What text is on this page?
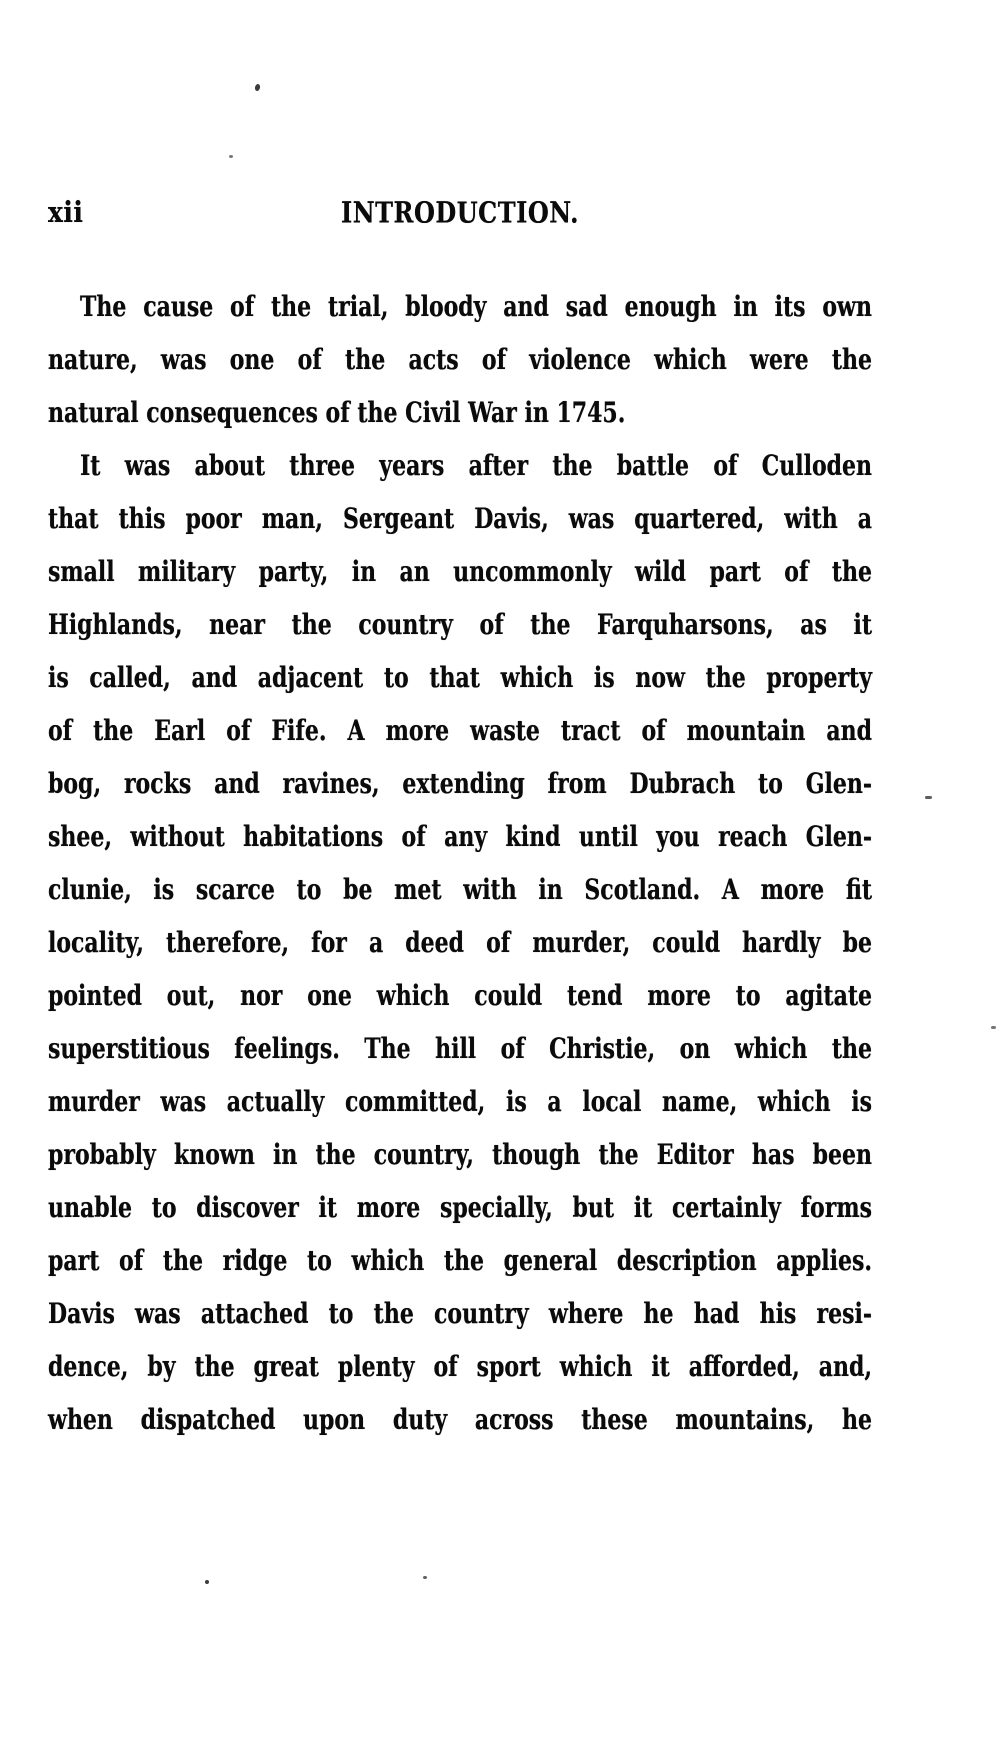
xii	INTRODUCTION.
The cause of the trial, bloody and sad enough in its own
nature, was one of the acts of violence which were the
natural consequences of the Civil War in 1745.
It was about three years after the battle of Culloden
that this poor man, Sergeant Davis, was quartered, with a
small military party, in an uncommonly wild part of the
Highlands, near the country of the Farquharsons, as it
is called, and adjacent to that which is now the property
of the Earl of Fife. A more waste tract of mountain and
bog, rocks and ravines, extending from Dubrach to Glen-
shee, without habitations of any kind until you reach Glen-
clunie, is scarce to be met with in Scotland. A more fit
locality, therefore, for a deed of murder, could hardly be
pointed out, nor one which could tend more to agitate
superstitious feelings. The hill of Christie, on which the
murder was actually committed, is a local name, which is
probably known in the country, though the Editor has been
unable to discover it more specially, but it certainly forms
part of the ridge to which the general description applies.
Davis was attached to the country where he had his resi-
dence, by the great plenty of sport which it afforded, and,
when dispatched upon duty across these mountains, he
